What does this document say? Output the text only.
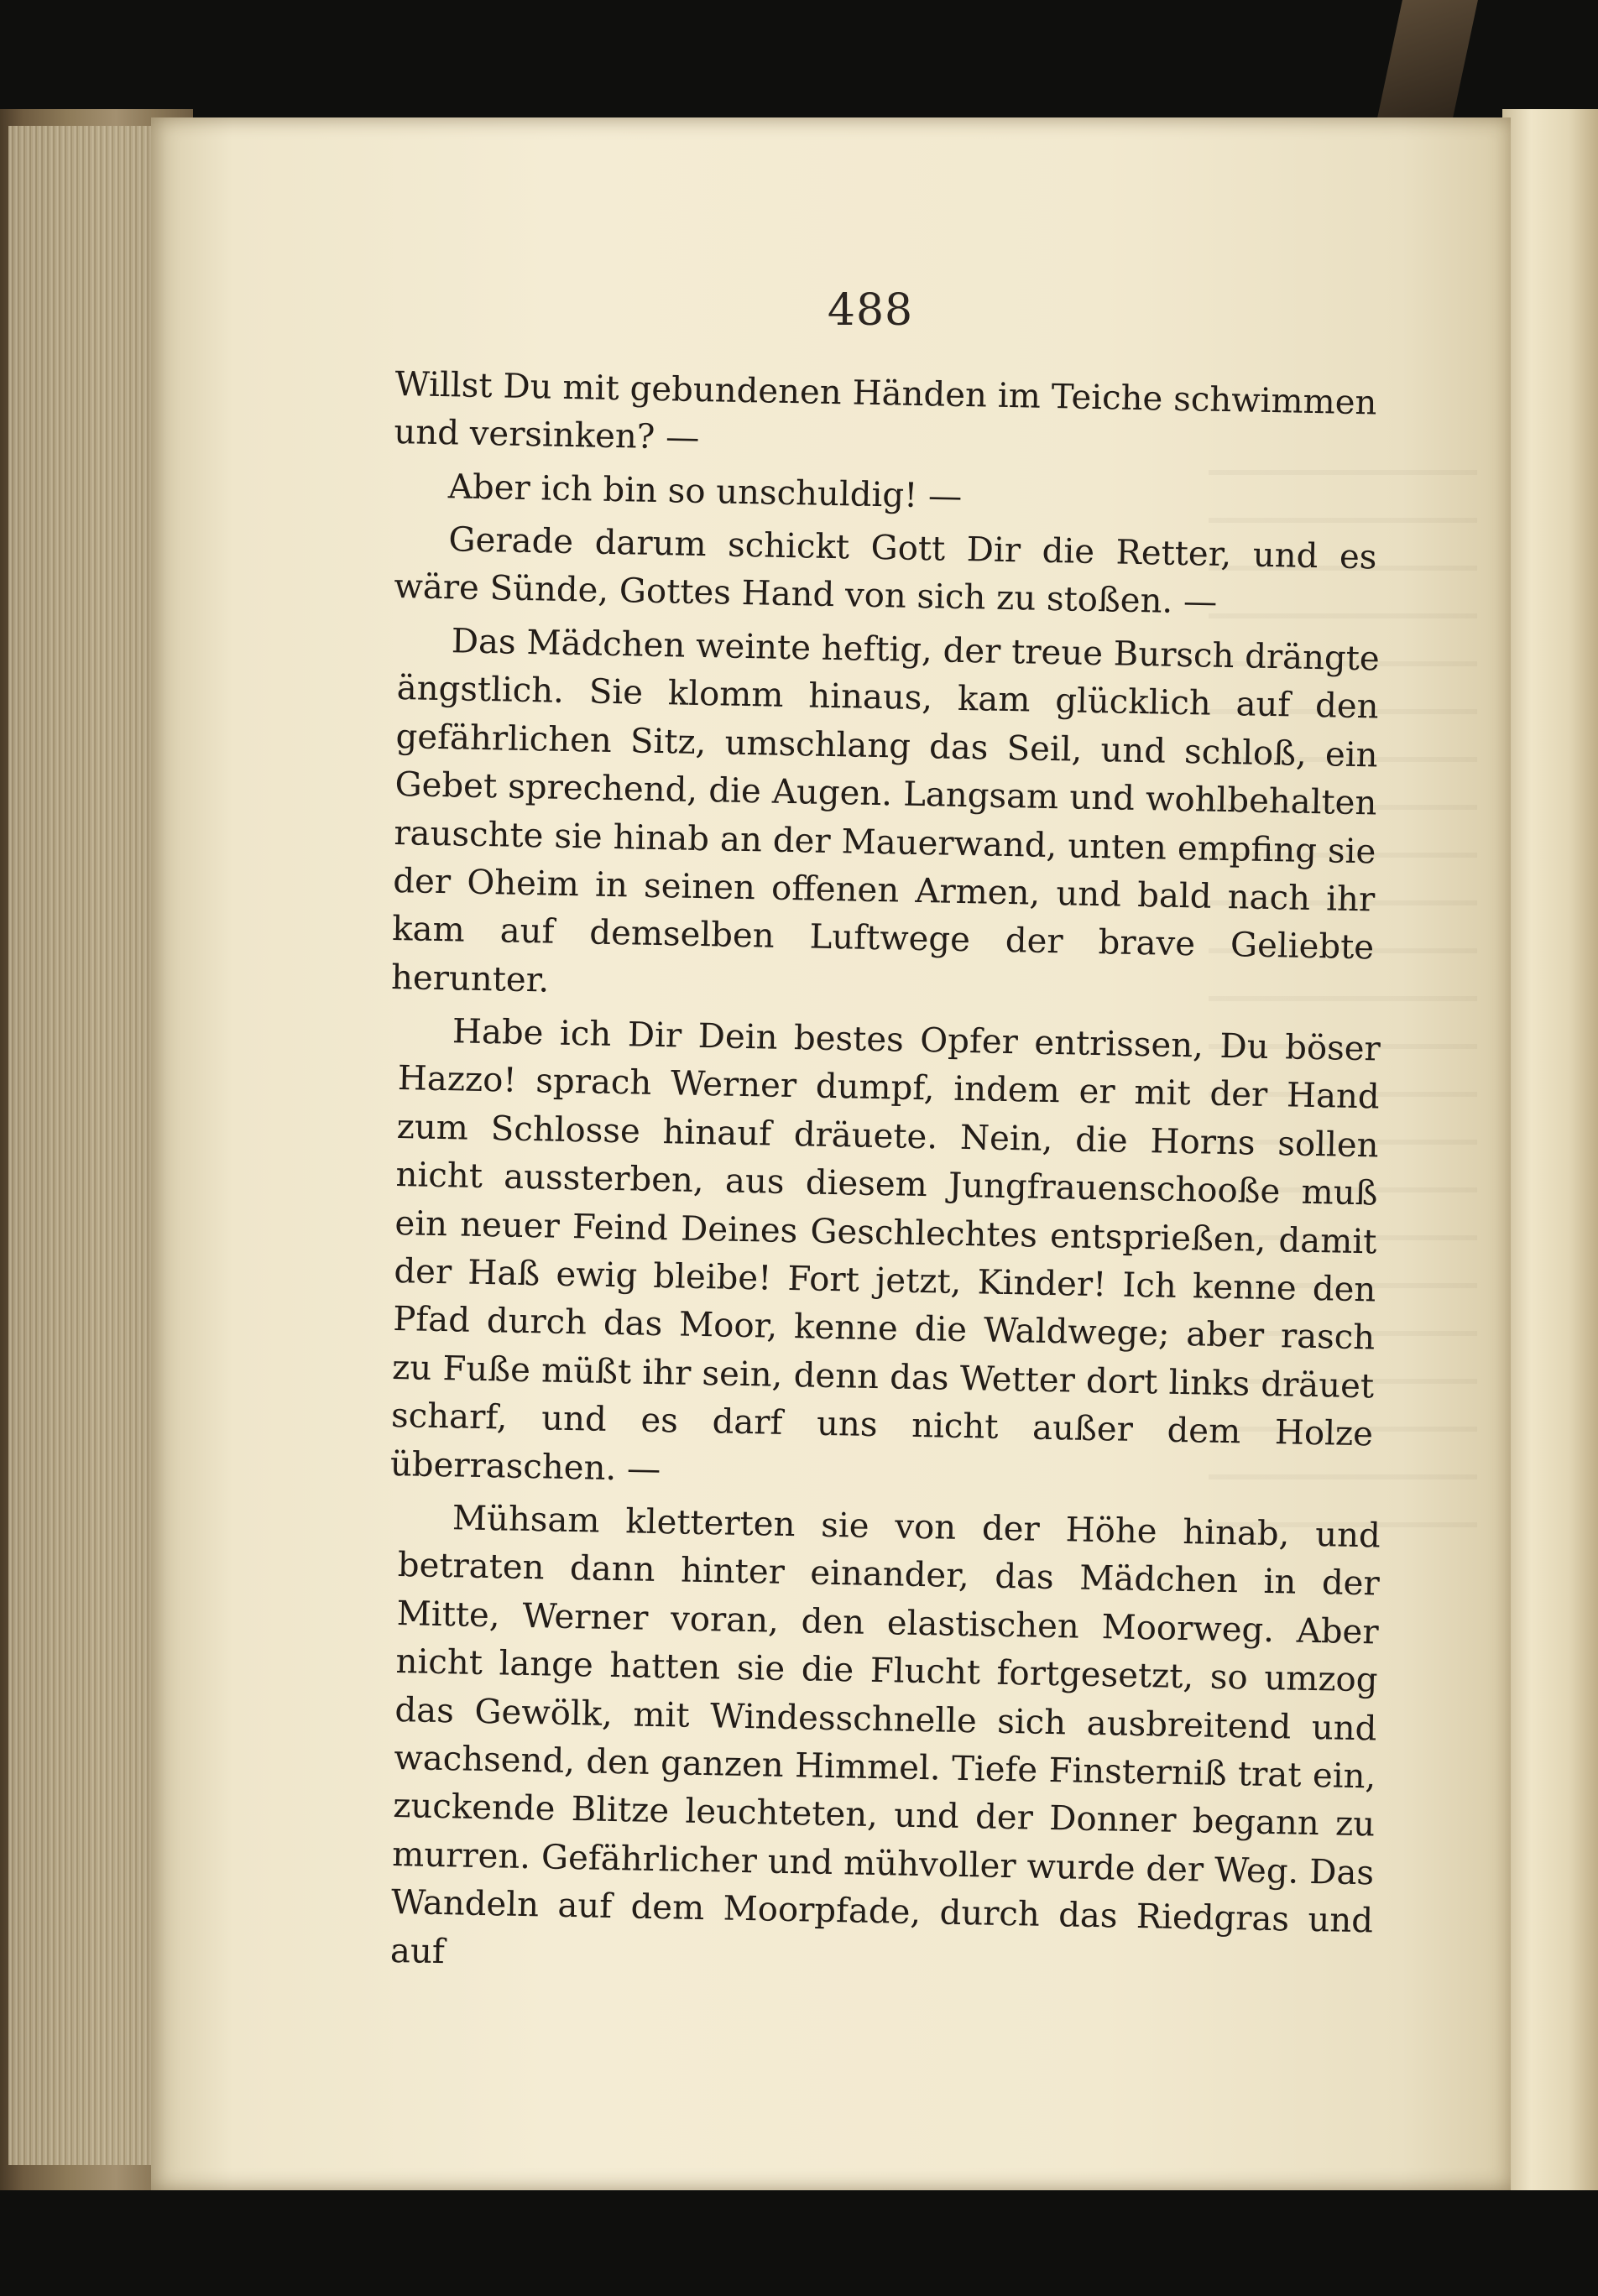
488

Willst Du mit gebundenen Händen im Teiche schwimmen und versinken? —

Aber ich bin so unschuldig! —

Gerade darum schickt Gott Dir die Retter, und es wäre Sünde, Gottes Hand von sich zu stoßen. —

Das Mädchen weinte heftig, der treue Bursch drängte ängstlich. Sie klomm hinaus, kam glücklich auf den gefährlichen Sitz, umschlang das Seil, und schloß, ein Gebet sprechend, die Augen. Langsam und wohlbehalten rauschte sie hinab an der Mauerwand, unten empfing sie der Oheim in seinen offenen Armen, und bald nach ihr kam auf demselben Luftwege der brave Geliebte herunter.

Habe ich Dir Dein bestes Opfer entrissen, Du böser Hazzo! sprach Werner dumpf, indem er mit der Hand zum Schlosse hinauf dräuete. Nein, die Horns sollen nicht aussterben, aus diesem Jungfrauenschooße muß ein neuer Feind Deines Geschlechtes entsprießen, damit der Haß ewig bleibe! Fort jetzt, Kinder! Ich kenne den Pfad durch das Moor, kenne die Waldwege; aber rasch zu Fuße müßt ihr sein, denn das Wetter dort links dräuet scharf, und es darf uns nicht außer dem Holze überraschen. —

Mühsam kletterten sie von der Höhe hinab, und betraten dann hinter einander, das Mädchen in der Mitte, Werner voran, den elastischen Moorweg. Aber nicht lange hatten sie die Flucht fortgesetzt, so umzog das Gewölk, mit Windesschnelle sich ausbreitend und wachsend, den ganzen Himmel. Tiefe Finsterniß trat ein, zuckende Blitze leuchteten, und der Donner begann zu murren. Gefährlicher und mühvoller wurde der Weg. Das Wandeln auf dem Moorpfade, durch das Riedgras und auf
